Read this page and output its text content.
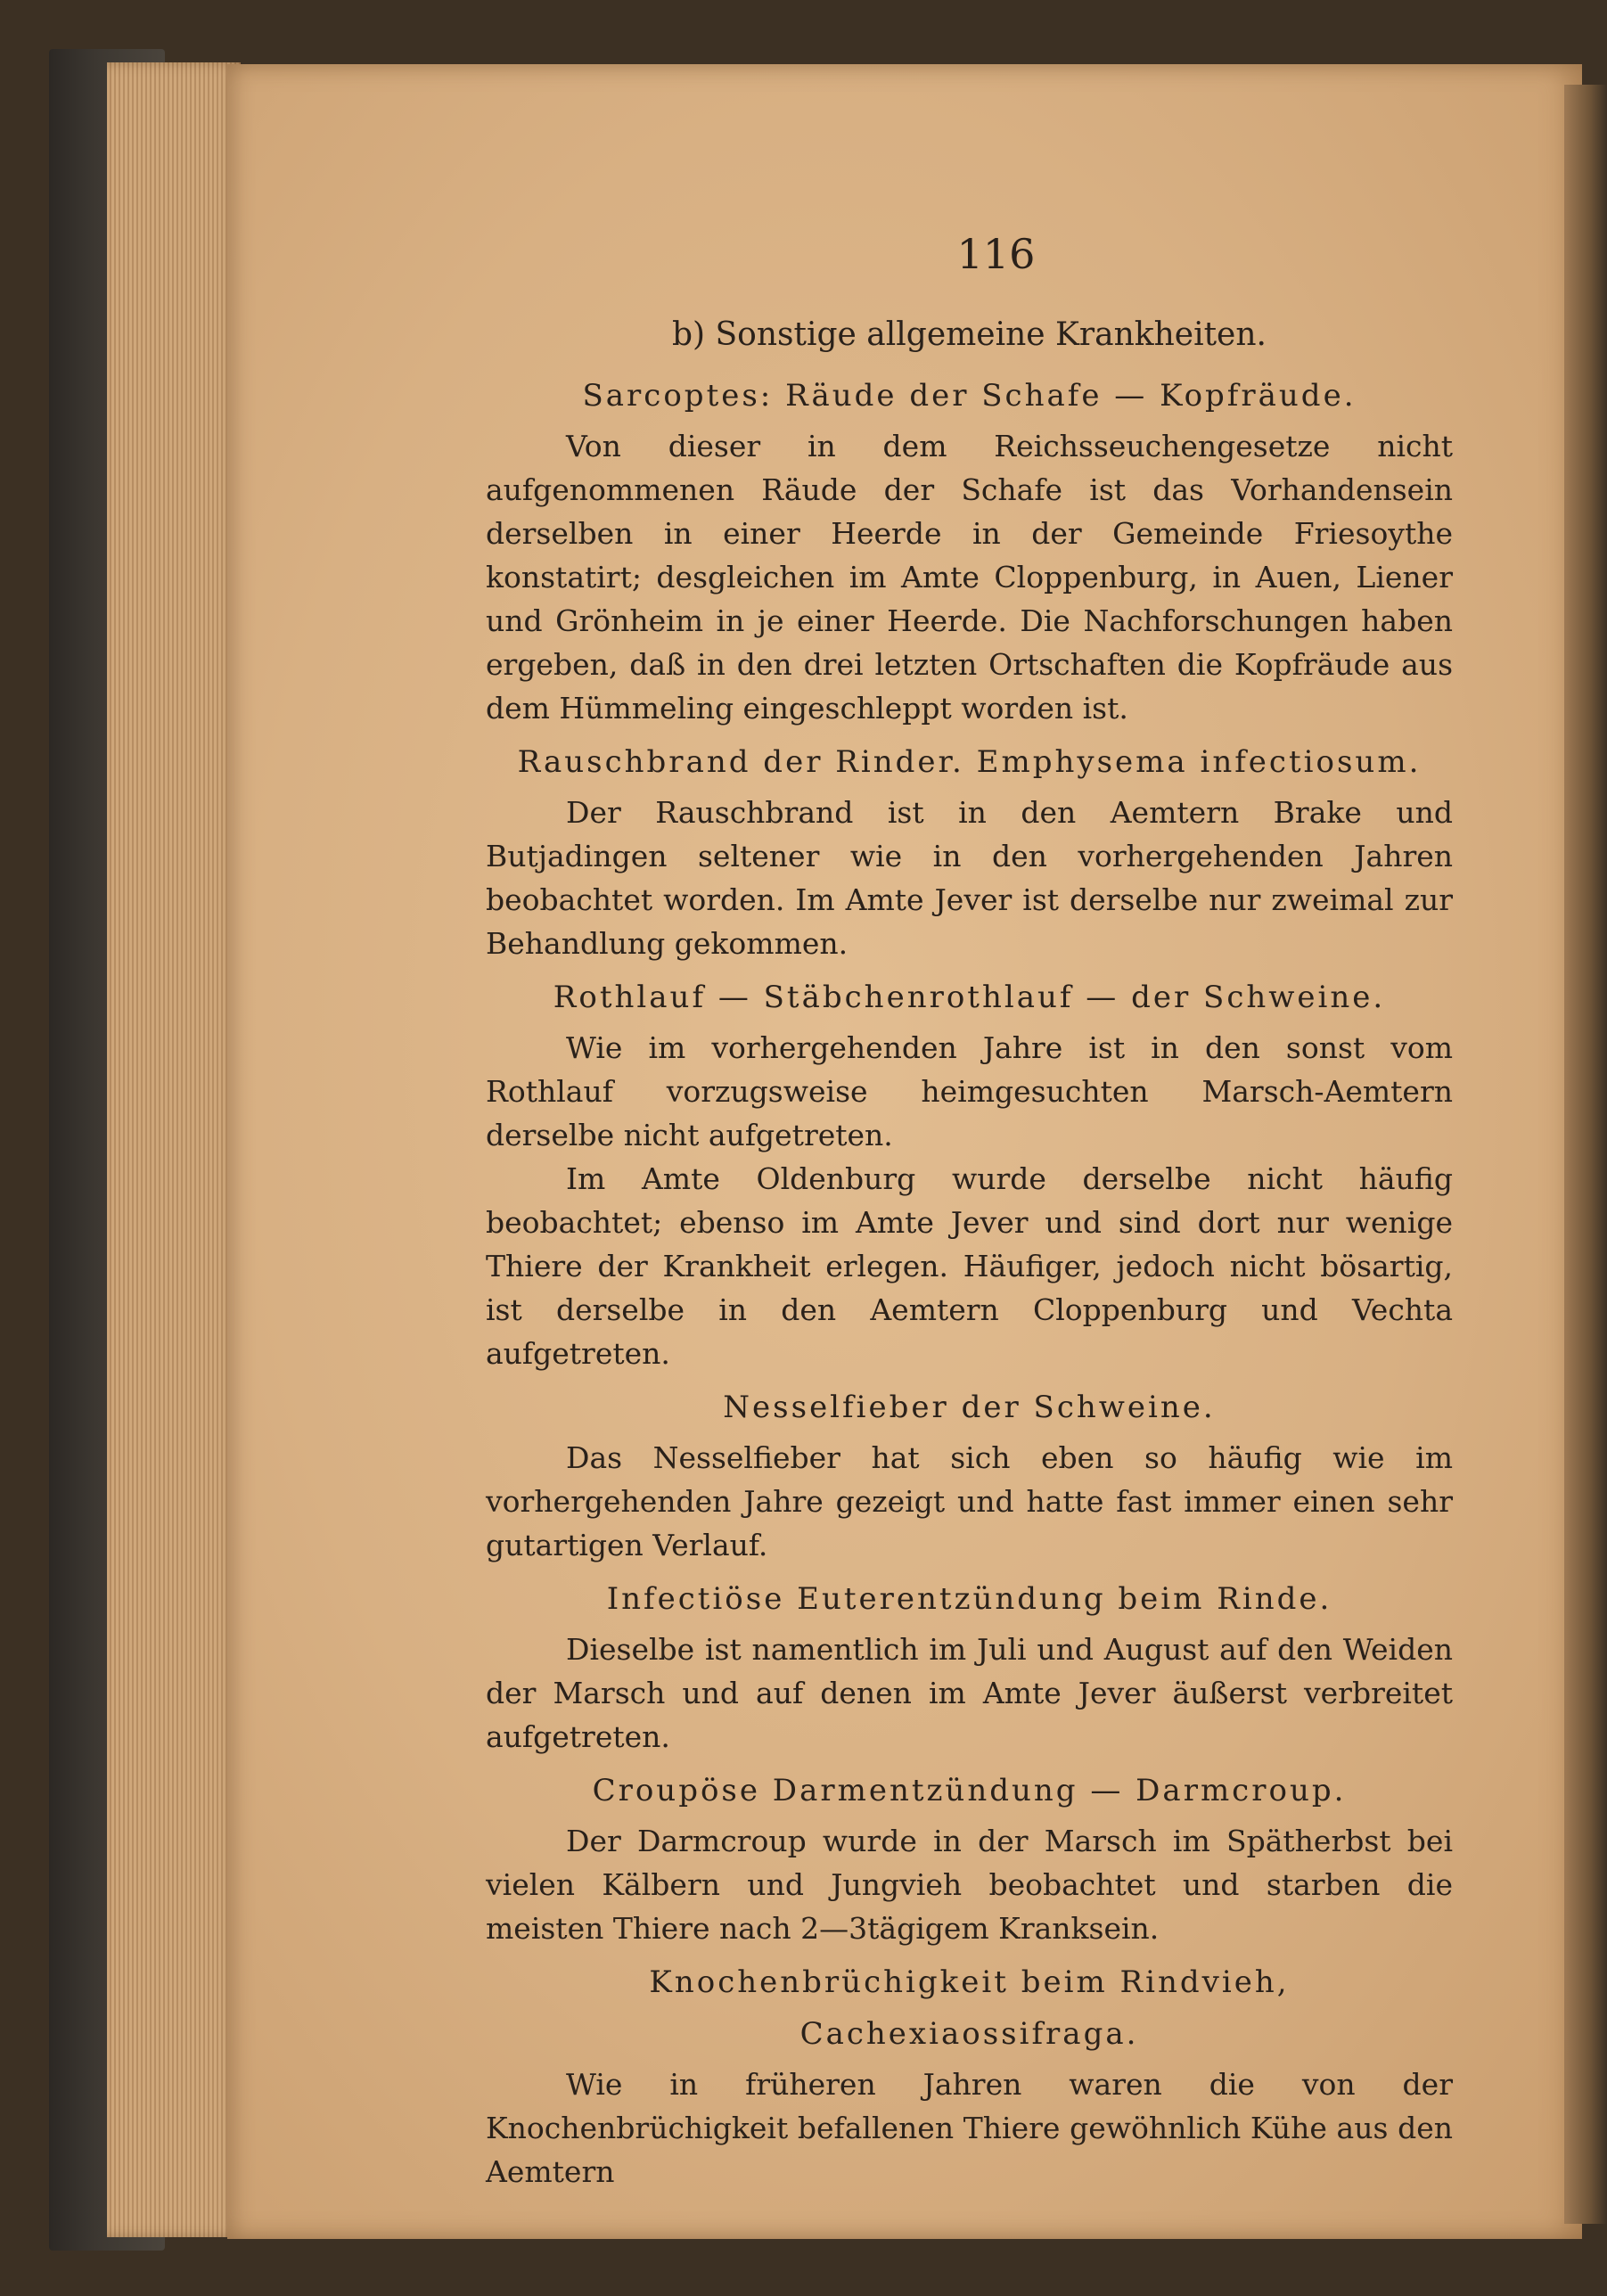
116
b) Sonstige allgemeine Krankheiten.
Sarcoptes: Räude der Schafe — Kopfräude.

Von dieser in dem Reichsseuchengesetze nicht aufgenommenen Räude der Schafe ist das Vorhandensein derselben in einer Heerde in der Gemeinde Friesoythe konstatirt; desgleichen im Amte Cloppenburg, in Auen, Liener und Grönheim in je einer Heerde. Die Nachforschungen haben ergeben, daß in den drei letzten Ortschaften die Kopfräude aus dem Hümmeling eingeschleppt worden ist.

Rauschbrand der Rinder. Emphysema infectiosum.

Der Rauschbrand ist in den Aemtern Brake und Butjadingen seltener wie in den vorhergehenden Jahren beobachtet worden. Im Amte Jever ist derselbe nur zweimal zur Behandlung gekommen.

Rothlauf — Stäbchenrothlauf — der Schweine.

Wie im vorhergehenden Jahre ist in den sonst vom Rothlauf vorzugsweise heimgesuchten Marsch-Aemtern derselbe nicht aufgetreten.

Im Amte Oldenburg wurde derselbe nicht häufig beobachtet; ebenso im Amte Jever und sind dort nur wenige Thiere der Krankheit erlegen. Häufiger, jedoch nicht bösartig, ist derselbe in den Aemtern Cloppenburg und Vechta aufgetreten.

Nesselfieber der Schweine.

Das Nesselfieber hat sich eben so häufig wie im vorhergehenden Jahre gezeigt und hatte fast immer einen sehr gutartigen Verlauf.

Infectiöse Euterentzündung beim Rinde.

Dieselbe ist namentlich im Juli und August auf den Weiden der Marsch und auf denen im Amte Jever äußerst verbreitet aufgetreten.

Croupöse Darmentzündung — Darmcroup.

Der Darmcroup wurde in der Marsch im Spätherbst bei vielen Kälbern und Jungvieh beobachtet und starben die meisten Thiere nach 2—3tägigem Kranksein.

Knochenbrüchigkeit beim Rindvieh,
Cachexiaossifraga.

Wie in früheren Jahren waren die von der Knochenbrüchigkeit befallenen Thiere gewöhnlich Kühe aus den Aemtern
